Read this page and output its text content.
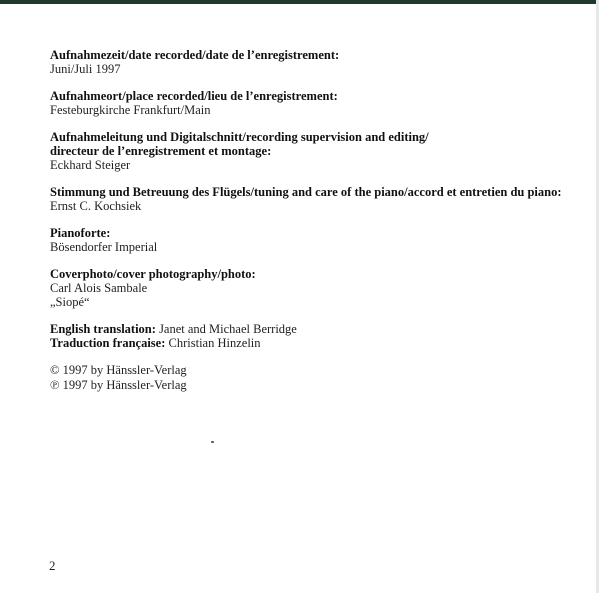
Aufnahmezeit/date recorded/date de l’enregistrement:
Juni/Juli 1997
Aufnahmeort/place recorded/lieu de l’enregistrement:
Festeburgkirche Frankfurt/Main
Aufnahmeleitung und Digitalschnitt/recording supervision and editing/
directeur de l’enregistrement et montage:
Eckhard Steiger
Stimmung und Betreuung des Flügels/tuning and care of the piano/accord et entretien du piano:
Ernst C. Kochsiek
Pianoforte:
Bösendorfer Imperial
Coverphoto/cover photography/photo:
Carl Alois Sambale
„Siopé“
English translation: Janet and Michael Berridge
Traduction française: Christian Hinzelin
© 1997 by Hänssler-Verlag
℗ 1997 by Hänssler-Verlag
2
